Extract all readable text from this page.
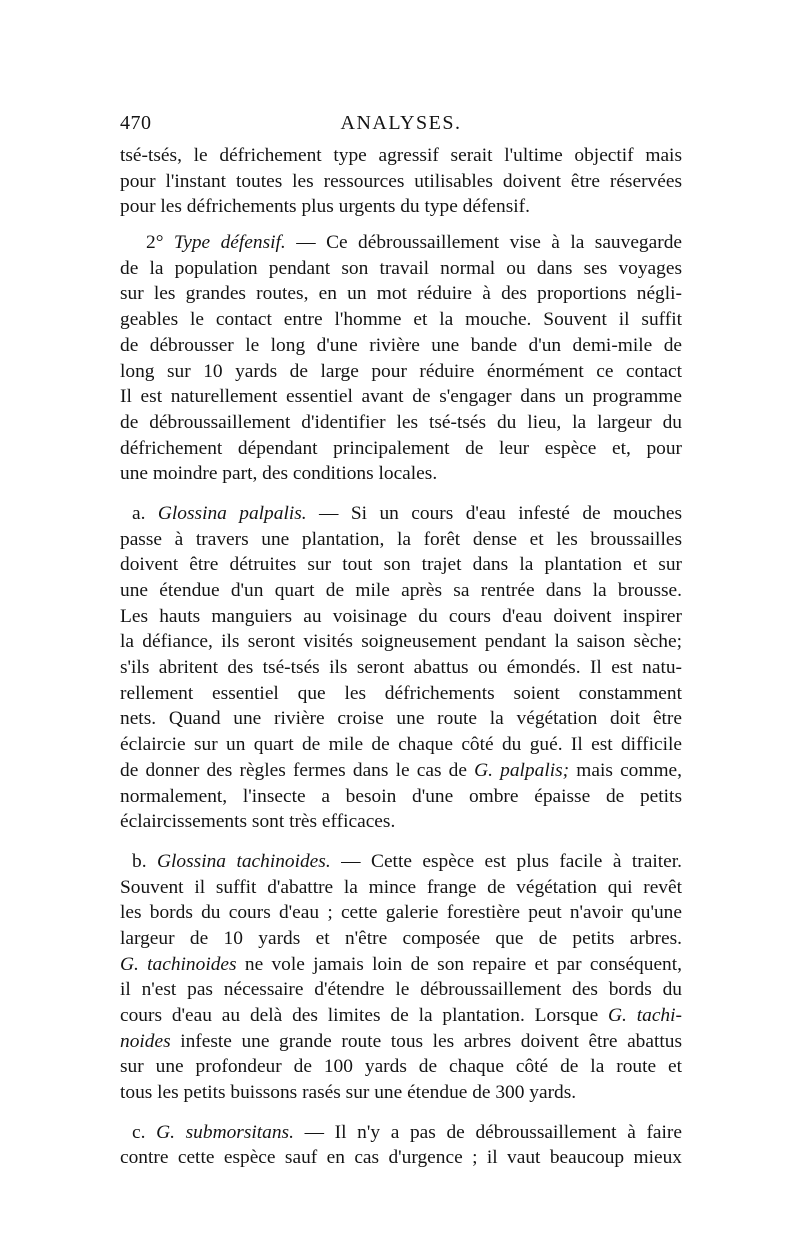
470	ANALYSES.
tsé-tsés, le défrichement type agressif serait l'ultime objectif mais
pour l'instant toutes les ressources utilisables doivent être réservées
pour les défrichements plus urgents du type défensif.
2° Type défensif. — Ce débroussaillement vise à la sauvegarde
de la population pendant son travail normal ou dans ses voyages
sur les grandes routes, en un mot réduire à des proportions négli-
geables le contact entre l'homme et la mouche. Souvent il suffit
de débrousser le long d'une rivière une bande d'un demi-mile de
long sur 10 yards de large pour réduire énormément ce contact
Il est naturellement essentiel avant de s'engager dans un programme
de débroussaillement d'identifier les tsé-tsés du lieu, la largeur du
défrichement dépendant principalement de leur espèce et, pour
une moindre part, des conditions locales.
a. Glossina palpalis. — Si un cours d'eau infesté de mouches
passe à travers une plantation, la forêt dense et les broussailles
doivent être détruites sur tout son trajet dans la plantation et sur
une étendue d'un quart de mile après sa rentrée dans la brousse.
Les hauts manguiers au voisinage du cours d'eau doivent inspirer
la défiance, ils seront visités soigneusement pendant la saison sèche;
s'ils abritent des tsé-tsés ils seront abattus ou émondés. Il est natu-
rellement essentiel que les défrichements soient constamment
nets. Quand une rivière croise une route la végétation doit être
éclaircie sur un quart de mile de chaque côté du gué. Il est difficile
de donner des règles fermes dans le cas de G. palpalis; mais comme,
normalement, l'insecte a besoin d'une ombre épaisse de petits
éclaircissements sont très efficaces.
b. Glossina tachinoides. — Cette espèce est plus facile à traiter.
Souvent il suffit d'abattre la mince frange de végétation qui revêt
les bords du cours d'eau ; cette galerie forestière peut n'avoir qu'une
largeur de 10 yards et n'être composée que de petits arbres.
G. tachinoides ne vole jamais loin de son repaire et par conséquent,
il n'est pas nécessaire d'étendre le débroussaillement des bords du
cours d'eau au delà des limites de la plantation. Lorsque G. tachi-
noides infeste une grande route tous les arbres doivent être abattus
sur une profondeur de 100 yards de chaque côté de la route et
tous les petits buissons rasés sur une étendue de 300 yards.
c. G. submorsitans. — Il n'y a pas de débroussaillement à faire
contre cette espèce sauf en cas d'urgence ; il vaut beaucoup mieux
